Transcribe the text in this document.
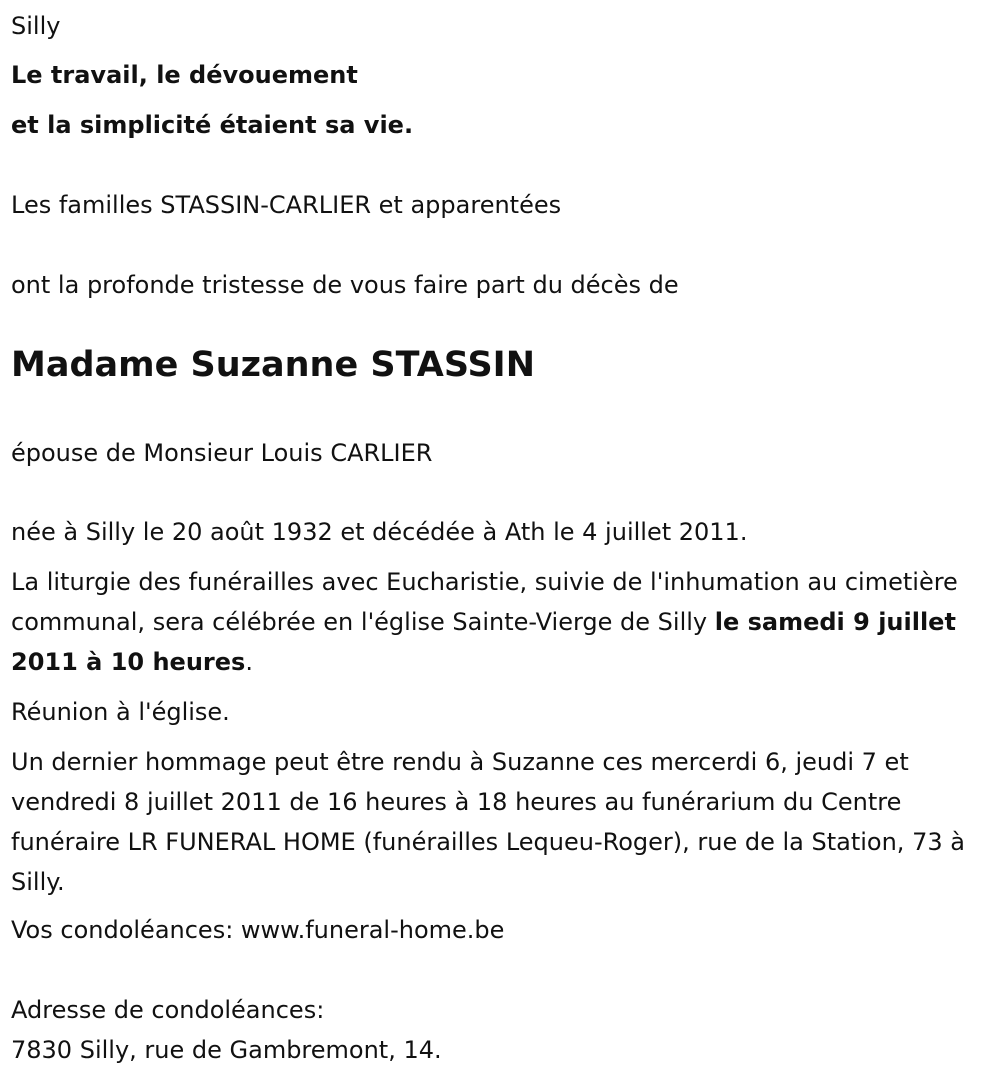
Silly
Le travail, le dévouement
et la simplicité étaient sa vie.
Les familles STASSIN-CARLIER et apparentées
ont la profonde tristesse de vous faire part du décès de
Madame Suzanne STASSIN
épouse de Monsieur Louis CARLIER
née à Silly le 20 août 1932 et décédée à Ath le 4 juillet 2011.
La liturgie des funérailles avec Eucharistie, suivie de l'inhumation au cimetière communal, sera célébrée en l'église Sainte-Vierge de Silly le samedi 9 juillet 2011 à 10 heures.
Réunion à l'église.
Un dernier hommage peut être rendu à Suzanne ces mercerdi 6, jeudi 7 et vendredi 8 juillet 2011 de 16 heures à 18 heures au funérarium du Centre funéraire LR FUNERAL HOME (funérailles Lequeu-Roger), rue de la Station, 73 à Silly.
Vos condoléances: www.funeral-home.be
Adresse de condoléances:
7830 Silly, rue de Gambremont, 14.
